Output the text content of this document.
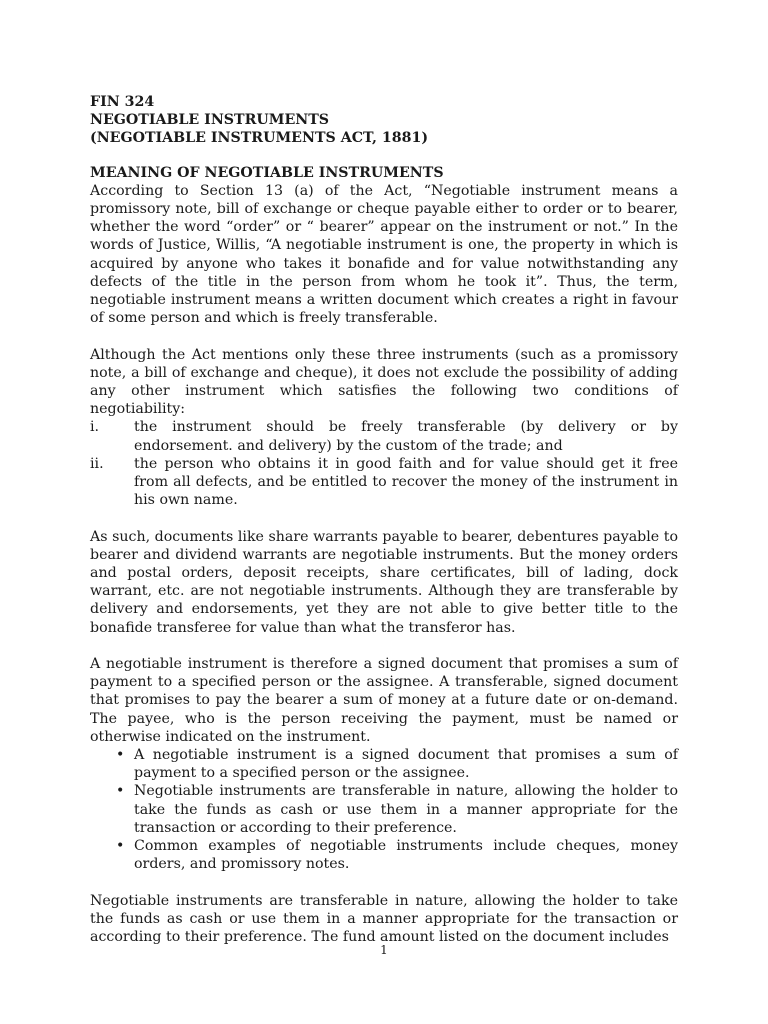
FIN 324

NEGOTIABLE INSTRUMENTS

(NEGOTIABLE INSTRUMENTS ACT, 1881)

MEANING OF NEGOTIABLE INSTRUMENTS

According to Section 13 (a) of the Act, “Negotiable instrument means a promissory note, bill of exchange or cheque payable either to order or to bearer, whether the word “order” or “ bearer” appear on the instrument or not.” In the words of Justice, Willis, “A negotiable instrument is one, the property in which is acquired by anyone who takes it bonafide and for value notwithstanding any defects of the title in the person from whom he took it”. Thus, the term, negotiable instrument means a written document which creates a right in favour of some person and which is freely transferable.

Although the Act mentions only these three instruments (such as a promissory note, a bill of exchange and cheque), it does not exclude the possibility of adding any other instrument which satisfies the following two conditions of negotiability:

i.	the instrument should be freely transferable (by delivery or by endorsement. and delivery) by the custom of the trade; and
ii.	the person who obtains it in good faith and for value should get it free from all defects, and be entitled to recover the money of the instrument in his own name.

As such, documents like share warrants payable to bearer, debentures payable to bearer and dividend warrants are negotiable instruments. But the money orders and postal orders, deposit receipts, share certificates, bill of lading, dock warrant, etc. are not negotiable instruments. Although they are transferable by delivery and endorsements, yet they are not able to give better title to the bonafide transferee for value than what the transferor has.

A negotiable instrument is therefore a signed document that promises a sum of payment to a specified person or the assignee. A transferable, signed document that promises to pay the bearer a sum of money at a future date or on-demand. The payee, who is the person receiving the payment, must be named or otherwise indicated on the instrument.

• A negotiable instrument is a signed document that promises a sum of payment to a specified person or the assignee.
• Negotiable instruments are transferable in nature, allowing the holder to take the funds as cash or use them in a manner appropriate for the transaction or according to their preference.
• Common examples of negotiable instruments include cheques, money orders, and promissory notes.

Negotiable instruments are transferable in nature, allowing the holder to take the funds as cash or use them in a manner appropriate for the transaction or according to their preference. The fund amount listed on the document includes

1
